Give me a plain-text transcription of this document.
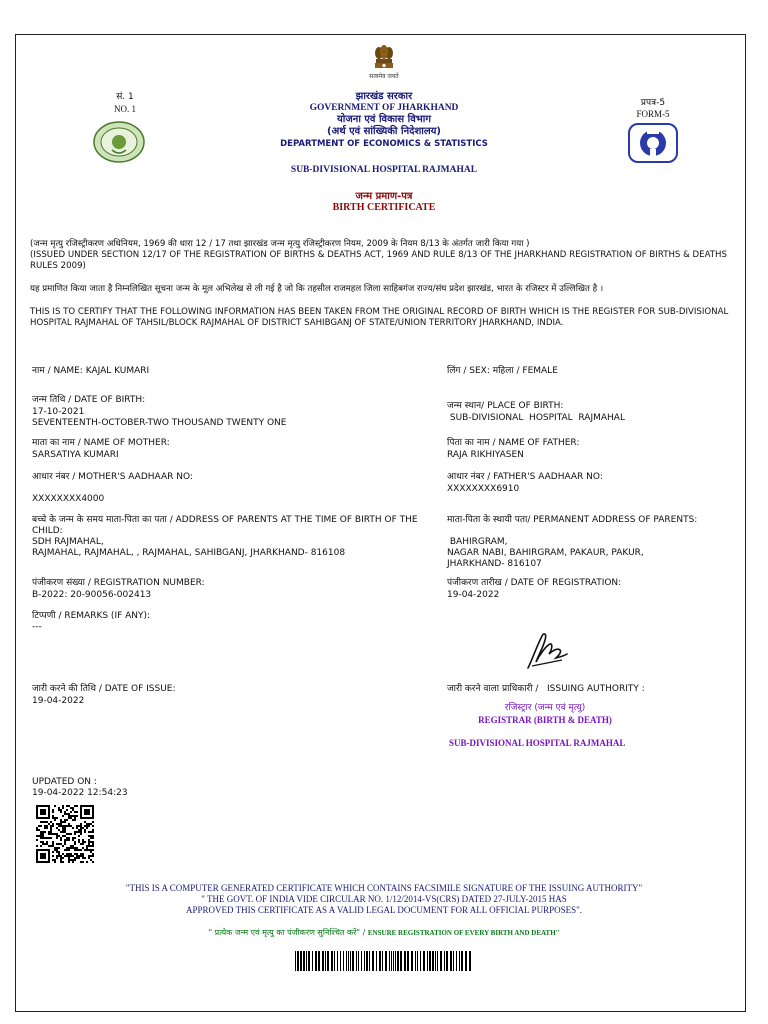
सत्यमेव जयते
सं. 1
NO. 1
झारखंड सरकार
GOVERNMENT OF JHARKHAND
योजना एवं विकास विभाग
(अर्थ एवं सांख्यिकी निदेशालय)
DEPARTMENT OF ECONOMICS & STATISTICS
प्रपत्र-5
FORM-5
SUB-DIVISIONAL HOSPITAL RAJMAHAL
जन्म प्रमाण-पत्र
BIRTH CERTIFICATE
(जन्म मृत्यु रजिस्ट्रीकरण अधिनियम, 1969 की धारा 12 / 17 तथा झारखंड जन्म मृत्यु रजिस्ट्रीकरण नियम, 2009 के नियम 8/13 के अंतर्गत जारी किया गया )
(ISSUED UNDER SECTION 12/17 OF THE REGISTRATION OF BIRTHS & DEATHS ACT, 1969 AND RULE 8/13 OF THE JHARKHAND REGISTRATION OF BIRTHS & DEATHS RULES 2009)
यह प्रमाणित किया जाता है निम्नलिखित सूचना जन्म के मूल अभिलेख से ली गई है जो कि तहसील राजमहल जिला साहिबगंज राज्य/संघ प्रदेश झारखंड, भारत के रजिस्टर में उल्लिखित है ।
THIS IS TO CERTIFY THAT THE FOLLOWING INFORMATION HAS BEEN TAKEN FROM THE ORIGINAL RECORD OF BIRTH WHICH IS THE REGISTER FOR SUB-DIVISIONAL HOSPITAL RAJMAHAL OF TAHSIL/BLOCK RAJMAHAL OF DISTRICT SAHIBGANJ OF STATE/UNION TERRITORY JHARKHAND, INDIA.
नाम / NAME: KAJAL KUMARI
जन्म तिथि / DATE OF BIRTH:
17-10-2021
SEVENTEENTH-OCTOBER-TWO THOUSAND TWENTY ONE
माता का नाम / NAME OF MOTHER:
SARSATIYA KUMARI
आधार नंबर / MOTHER'S AADHAAR NO:
XXXXXXXX4000
बच्चे के जन्म के समय माता-पिता का पता / ADDRESS OF PARENTS AT THE TIME OF BIRTH OF THE CHILD:
SDH RAJMAHAL,
RAJMAHAL, RAJMAHAL, , RAJMAHAL, SAHIBGANJ, JHARKHAND- 816108
पंजीकरण संख्या / REGISTRATION NUMBER:
B-2022: 20-90056-002413
टिप्पणी / REMARKS (IF ANY):
---
जारी करने की तिथि / DATE OF ISSUE:
19-04-2022
UPDATED ON :
19-04-2022 12:54:23
लिंग / SEX: महिला / FEMALE
जन्म स्थान/ PLACE OF BIRTH:
SUB-DIVISIONAL  HOSPITAL  RAJMAHAL
पिता का नाम / NAME OF FATHER:
RAJA RIKHIYASEN
आधार नंबर / FATHER'S AADHAAR NO:
XXXXXXXX6910
माता-पिता के स्थायी पता/ PERMANENT ADDRESS OF PARENTS:
BAHIRGRAM,
NAGAR NABI, BAHIRGRAM, PAKAUR, PAKUR,
JHARKHAND- 816107
पंजीकरण तारीख / DATE OF REGISTRATION:
19-04-2022
जारी करने वाला प्राधिकारी /   ISSUING AUTHORITY :
रजिस्ट्रार (जन्म एवं मृत्यु)
REGISTRAR (BIRTH & DEATH)
SUB-DIVISIONAL HOSPITAL RAJMAHAL
"THIS IS A COMPUTER GENERATED CERTIFICATE WHICH CONTAINS FACSIMILE SIGNATURE OF THE ISSUING AUTHORITY"
" THE GOVT. OF INDIA VIDE CIRCULAR NO. 1/12/2014-VS(CRS) DATED 27-JULY-2015 HAS
APPROVED THIS CERTIFICATE AS A VALID LEGAL DOCUMENT FOR ALL OFFICIAL PURPOSES".
" प्रत्येक जन्म एवं मृत्यु का पंजीकरण सुनिश्चित करें" / ENSURE REGISTRATION OF EVERY BIRTH AND DEATH"
